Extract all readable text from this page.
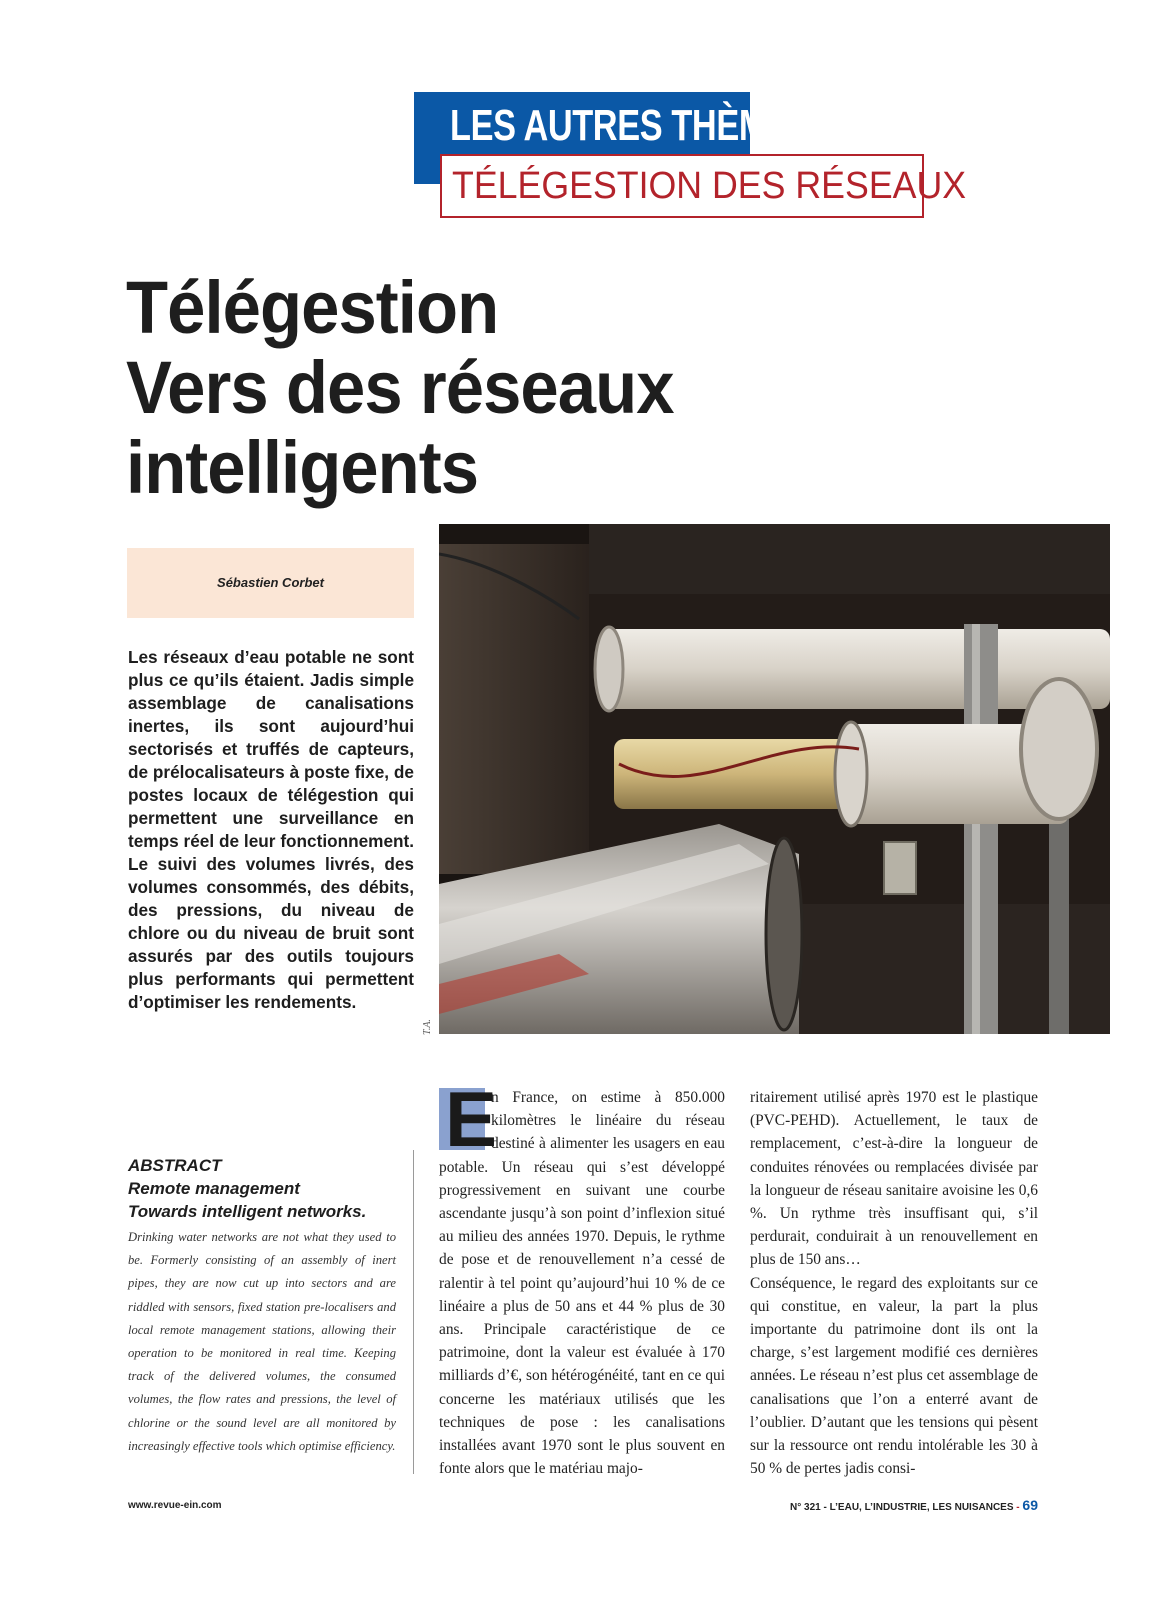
LES AUTRES THÈMES
TÉLÉGESTION DES RÉSEAUX
Télégestion
Vers des réseaux
intelligents
Sébastien Corbet
Les réseaux d’eau potable ne sont plus ce qu’ils étaient. Jadis simple assemblage de canalisations inertes, ils sont aujourd’hui sectorisés et truffés de capteurs, de prélocalisateurs à poste fixe, de postes locaux de télégestion qui permettent une surveillance en temps réel de leur fonctionnement. Le suivi des volumes livrés, des volumes consommés, des débits, des pressions, du niveau de chlore ou du niveau de bruit sont assurés par des outils toujours plus performants qui permettent d’optimiser les rendements.
T.A.
ABSTRACT
Remote management
Towards intelligent networks.
Drinking water networks are not what they used to be. Formerly consisting of an assembly of inert pipes, they are now cut up into sectors and are riddled with sensors, fixed station pre-localisers and local remote management stations, allowing their operation to be monitored in real time. Keeping track of the delivered volumes, the consumed volumes, the flow rates and pressions, the level of chlorine or the sound level are all monitored by increasingly effective tools which optimise efficiency.
E
n France, on estime à 850.000 kilomètres le linéaire du réseau destiné à alimenter les usagers en eau potable. Un réseau qui s’est développé progressivement en suivant une courbe ascendante jusqu’à son point d’inflexion situé au milieu des années 1970. Depuis, le rythme de pose et de renouvellement n’a cessé de ralentir à tel point qu’aujourd’hui 10 % de ce linéaire a plus de 50 ans et 44 % plus de 30 ans. Principale caractéristique de ce patrimoine, dont la valeur est évaluée à 170 milliards d’€, son hétérogénéité, tant en ce qui concerne les matériaux utilisés que les techniques de pose : les canalisations installées avant 1970 sont le plus souvent en fonte alors que le matériau majo-
ritairement utilisé après 1970 est le plastique (PVC-PEHD). Actuellement, le taux de remplacement, c’est-à-dire la longueur de conduites rénovées ou remplacées divisée par la longueur de réseau sanitaire avoisine les 0,6 %. Un rythme très insuffisant qui, s’il perdurait, conduirait à un renouvellement en plus de 150 ans…
Conséquence, le regard des exploitants sur ce qui constitue, en valeur, la part la plus importante du patrimoine dont ils ont la charge, s’est largement modifié ces dernières années. Le réseau n’est plus cet assemblage de canalisations que l’on a enterré avant de l’oublier. D’autant que les tensions qui pèsent sur la ressource ont rendu intolérable les 30 à 50 % de pertes jadis consi-
www.revue-ein.com	N° 321 - L’EAU, L’INDUSTRIE, LES NUISANCES - 69
